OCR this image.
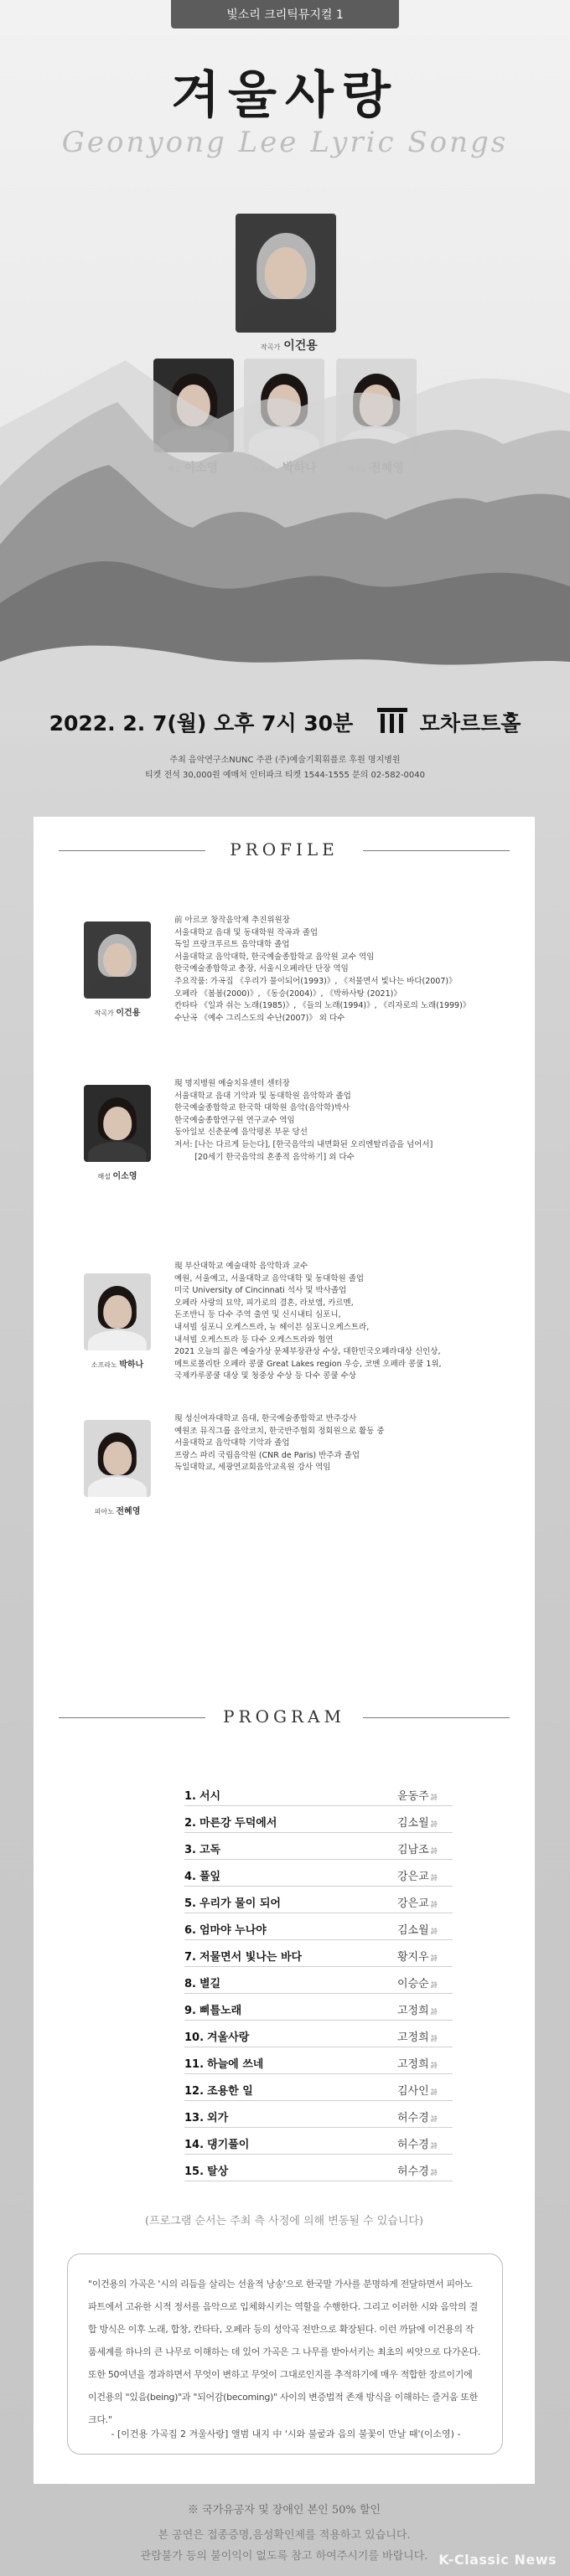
빛소리 크리틱뮤지컬 1
겨울사랑
Geonyong Lee Lyric Songs
작곡가 이건용
2022. 2. 7(월) 오후 7시 30분	모차르트홀
주최 음악연구소NUNC 주관 (주)예술기획휘플로 후원 명지병원
티켓 전석 30,000원 예매처 인터파크 티켓 1544-1555 문의 02-582-0040
PROFILE
작곡가 이건용
前 아르코 창작음악제 추진위원장
서울대학교 음대 및 동대학원 작곡과 졸업
독일 프랑크푸르트 음악대학 졸업
서울대학교 음악대학, 한국예술종합학교 음악원 교수 역임
한국예술종합학교 총장, 서울시오페라단 단장 역임
주요작품: 가곡집 《우리가 물이되어(1993)》, 《저물면서 빛나는 바다(2007)》
오페라 《봄봄(2000)》, 《동승(2004)》, 《박하사탕 (2021)》
칸타타 《일과 쉬는 노래(1985)》, 《들의 노래(1994)》, 《리자로의 노래(1999)》
수난곡 《예수 그리스도의 수난(2007)》 외 다수
해설 이소영
現 명지병원 예술치유센터 센터장
서울대학교 음대 기악과 및 동대학원 음악학과 졸업
한국예술종합학교 한국학 대학원 음악(음악학)박사
한국예술종합연구원 연구교수 역임
동아일보 신춘문예 음악평론 부문 당선
저서: [나는 다르게 듣는다], [한국음악의 내면화된 오리엔탈리즘을 넘어서]
[20세기 한국음악의 혼종적 음악하기] 외 다수
소프라노 박하나
現 부산대학교 예술대학 음악학과 교수
예원, 서울예고, 서울대학교 음악대학 및 동대학원 졸업
미국 University of Cincinnati 석사 및 박사졸업
오페라 사랑의 묘약, 피가로의 결혼, 라보엠, 카르멘,
돈조반니 등 다수 주역 출연 및 신시내티 심포니,
내셔빌 심포니 오케스트라, 뉴 헤이븐 심포니오케스트라,
내셔빌 오케스트라 등 다수 오케스트라와 협연
2021 오늘의 젊은 예술가상 문체부장관상 수상, 대한민국오페라대상 신인상,
메트로폴리탄 오페라 콩쿨 Great Lakes region 우승, 코벤 오페라 콩쿨 1위,
국제카루콩쿨 대상 및 청중상 수상 등 다수 콩쿨 수상
피아노 전혜영
現 성신여자대학교 음대, 한국예술종합학교 반주강사
예원조 뮤직그룹 음악코치, 한국반주협회 정회원으로 활동 중
서울대학교 음악대학 기악과 졸업
프랑스 파리 국립음악원 (CNR de Paris) 반주과 졸업
독일대학교, 세광연교회음악교육원 강사 역임
PROGRAM
1. 서시	윤동주 詩
2. 마른강 두덕에서	김소월 詩
3. 고독	김남조 詩
4. 풀잎	강은교 詩
5. 우리가 물이 되어	강은교 詩
6. 엄마야 누나야	김소월 詩
7. 저물면서 빛나는 바다	황지우 詩
8. 별길	이승순 詩
9. 삐틀노래	고정희 詩
10. 겨울사랑	고정희 詩
11. 하늘에 쓰네	고정희 詩
12. 조용한 일	김사인 詩
13. 외가	허수경 詩
14. 댕기풀이	허수경 詩
15. 탈상	허수경 詩
(프로그램 순서는 주최 측 사정에 의해 변동될 수 있습니다)

"이건용의 가곡은 '시의 리듬을 살리는 선율적 낭송'으로 한국말 가사를 분명하게 전달하면서 피아노 파트에서 고유한 시적 정서를 음악으로 입체화시키는 역할을 수행한다. 그리고 이러한 시와 음악의 결합 방식은 이후 노래, 합창, 칸타타, 오페라 등의 성악곡 전반으로 확장된다. 이런 까닭에 이건용의 작품세계를 하나의 큰 나무로 이해하는 데 있어 가곡은 그 나무를 받아서키는 최초의 씨앗으로 다가온다. 또한 50여년을 경과하면서 무엇이 변하고 무엇이 그대로인지를 추적하기에 매우 적합한 장르이기에 이건용의 "있음(being)"과 "되어감(becoming)" 사이의 변증법적 존재 방식을 이해하는 즐거움 또한 크다."

- [이건용 가곡집 2 겨울사랑] 앨범 내지 中 '시와 불굴과 음의 불꽃이 만날 때'(이소영) -
※ 국가유공자 및 장애인 본인 50% 할인
본 공연은 접종증명,음성확인제를 적용하고 있습니다.
관람불가 등의 불이익이 없도록 참고 하여주시기를 바랍니다. K-Classic News
